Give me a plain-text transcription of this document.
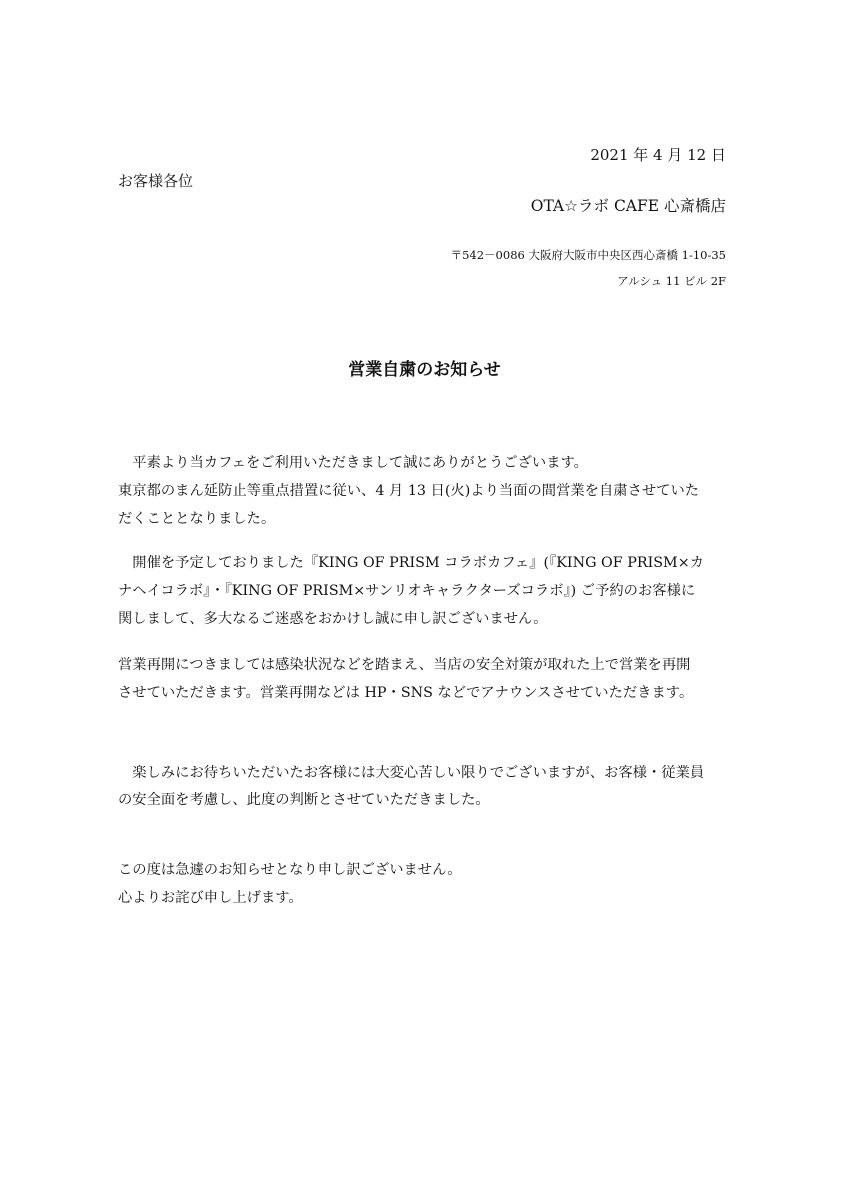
2021 年 4 月 12 日
お客様各位
OTA☆ラボ CAFE 心斎橋店
〒542－0086 大阪府大阪市中央区西心斎橋 1-10-35
アルシュ 11 ビル 2F
営業自粛のお知らせ
　平素より当カフェをご利用いただきまして誠にありがとうございます。
東京都のまん延防止等重点措置に従い、4 月 13 日(火)より当面の間営業を自粛させていた
だくこととなりました。
　開催を予定しておりました『KING OF PRISM コラボカフェ』(『KING OF PRISM×カ
ナヘイコラボ』・『KING OF PRISM×サンリオキャラクターズコラボ』) ご予約のお客様に
関しまして、多大なるご迷惑をおかけし誠に申し訳ございません。
営業再開につきましては感染状況などを踏まえ、当店の安全対策が取れた上で営業を再開
させていただきます。営業再開などは HP・SNS などでアナウンスさせていただきます。
　楽しみにお待ちいただいたお客様には大変心苦しい限りでございますが、お客様・従業員
の安全面を考慮し、此度の判断とさせていただきました。
この度は急遽のお知らせとなり申し訳ございません。
心よりお詫び申し上げます。
